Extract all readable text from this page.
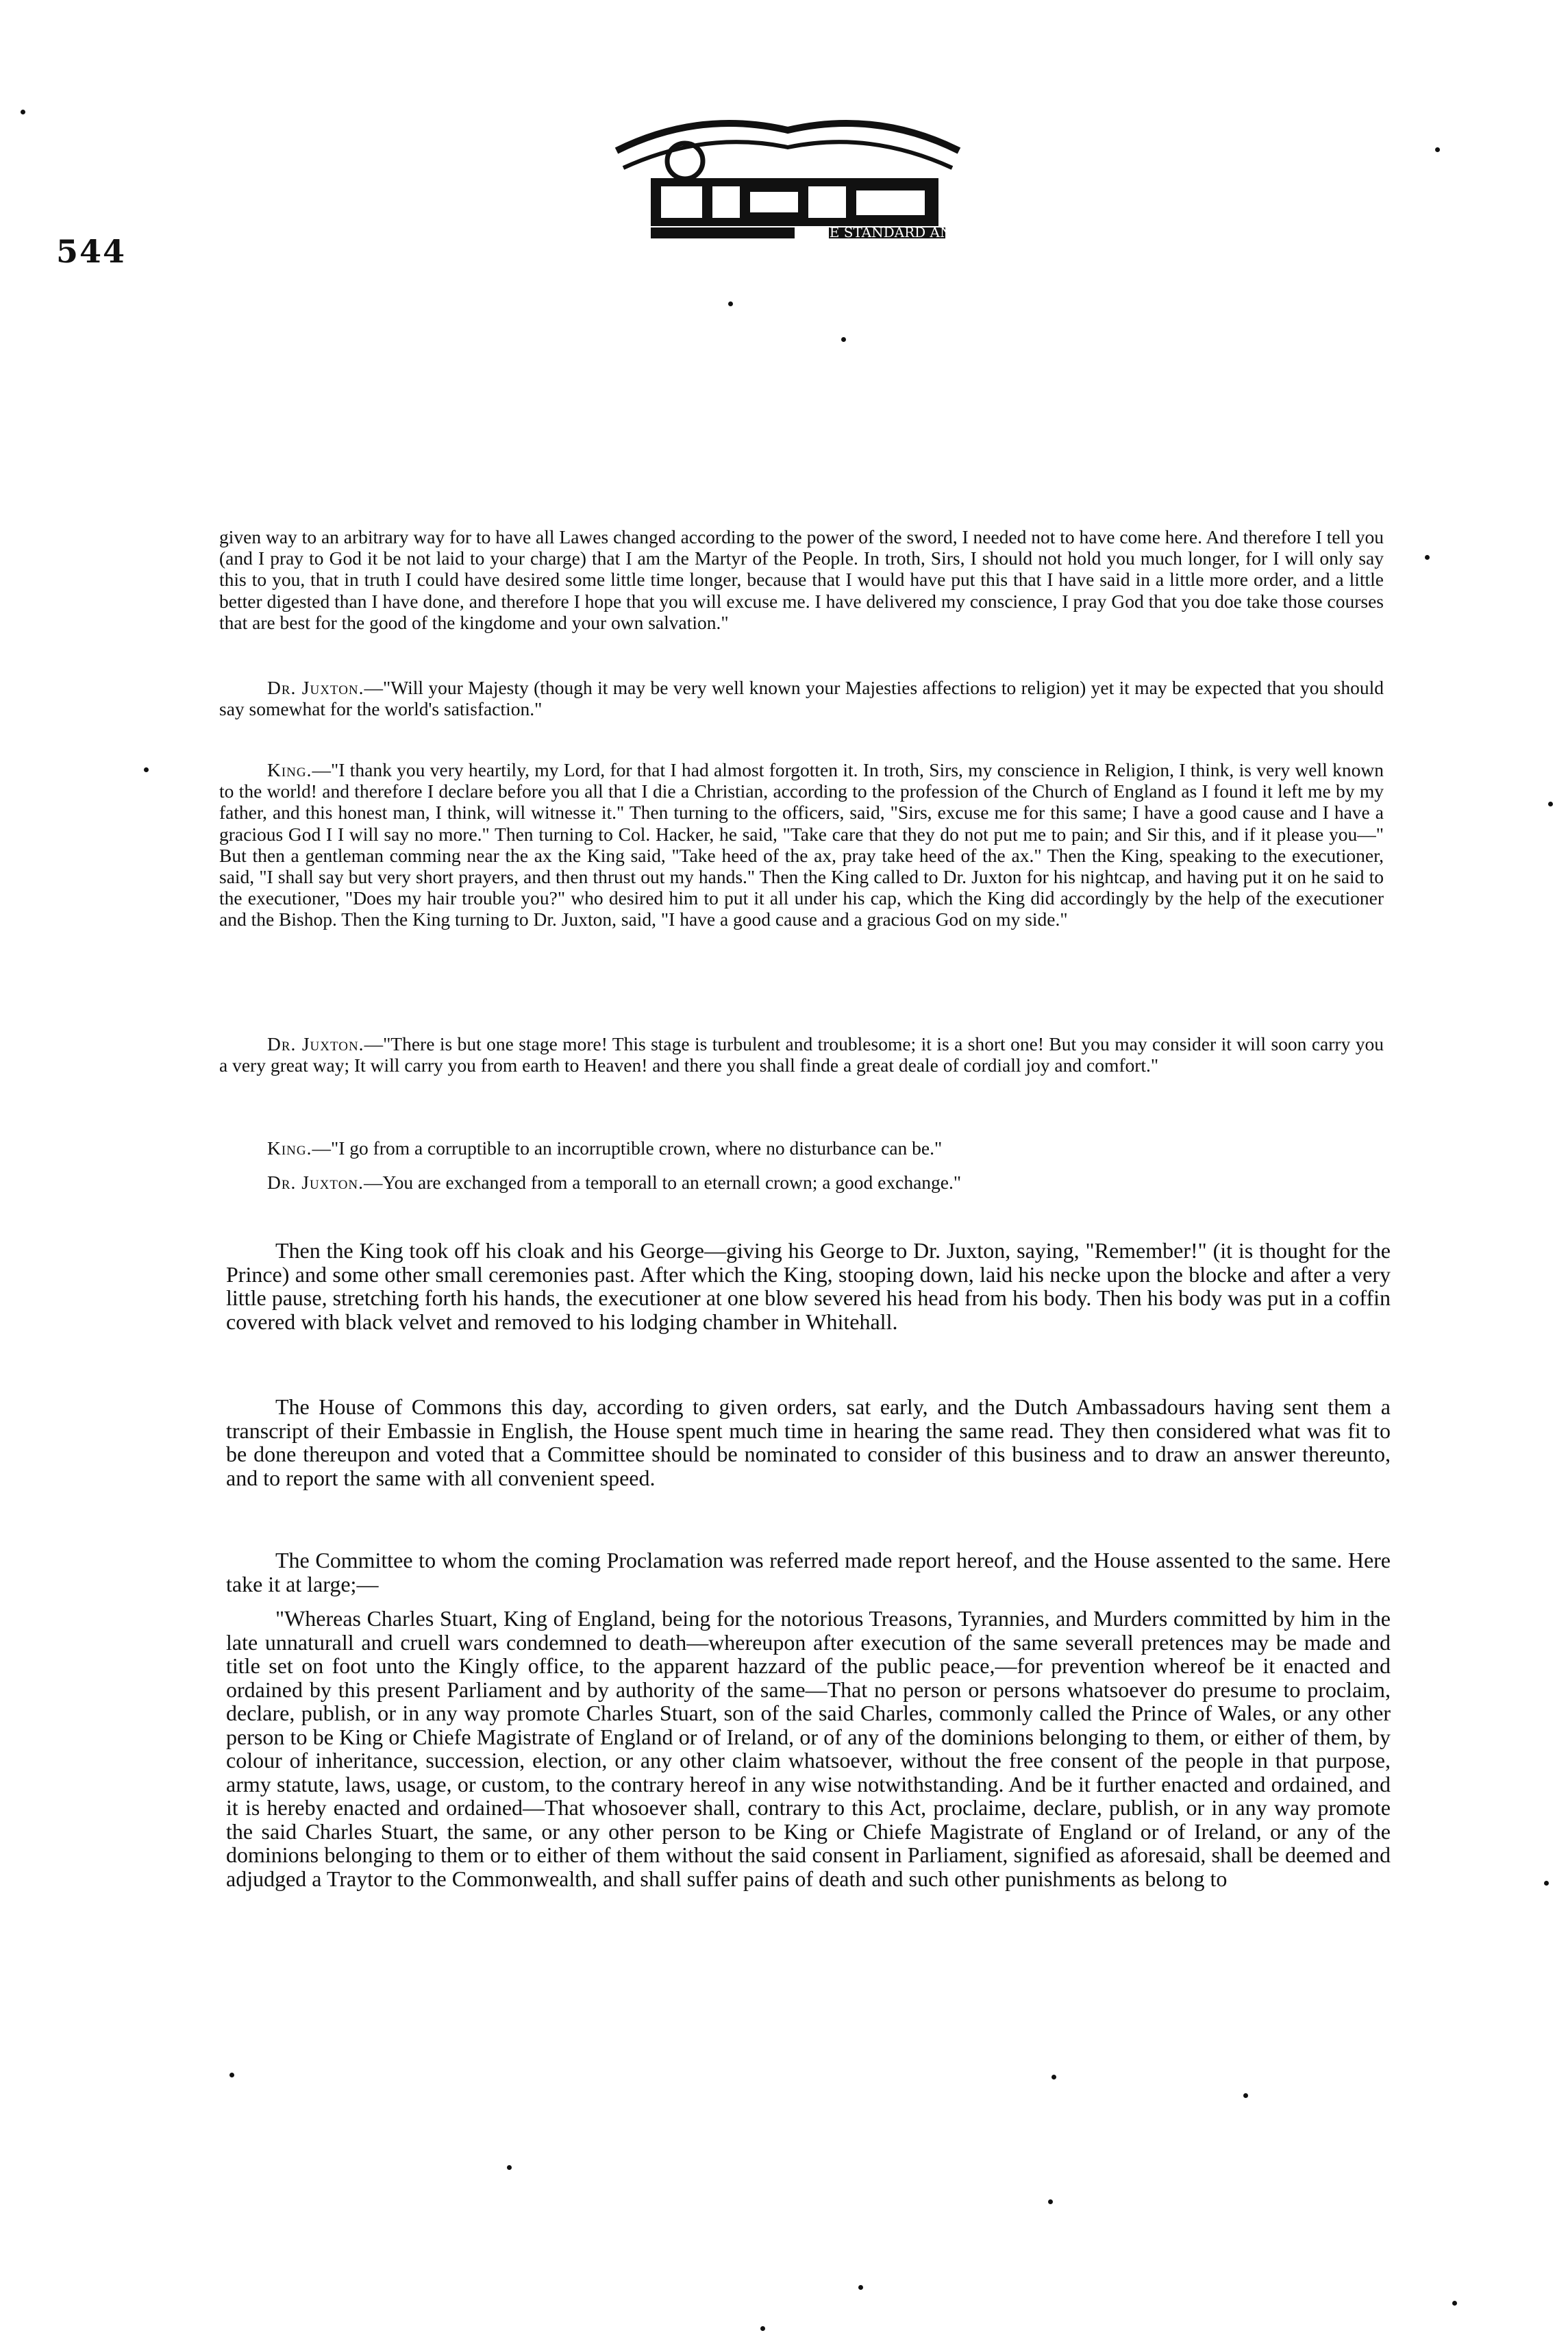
544
THE STANDARD AND JOURNAL

given way to an arbitrary way for to have all Lawes changed according to the power of the sword, I needed not to have come here. And therefore I tell you (and I pray to God it be not laid to your charge) that I am the Martyr of the People. In troth, Sirs, I should not hold you much longer, for I will only say this to you, that in truth I could have desired some little time longer, because that I would have put this that I have said in a little more order, and a little better digested than I have done, and therefore I hope that you will excuse me. I have delivered my conscience, I pray God that you doe take those courses that are best for the good of the kingdome and your own salvation."

Dr. Juxton.—"Will your Majesty (though it may be very well known your Majesties affections to religion) yet it may be expected that you should say somewhat for the world's satisfaction."

King.—"I thank you very heartily, my Lord, for that I had almost forgotten it. In troth, Sirs, my conscience in Religion, I think, is very well known to the world! and therefore I declare before you all that I die a Christian, according to the profession of the Church of England as I found it left me by my father, and this honest man, I think, will witnesse it." Then turning to the officers, said, "Sirs, excuse me for this same; I have a good cause and I have a gracious God I I will say no more." Then turning to Col. Hacker, he said, "Take care that they do not put me to pain; and Sir this, and if it please you—" But then a gentleman comming near the ax the King said, "Take heed of the ax, pray take heed of the ax." Then the King, speaking to the executioner, said, "I shall say but very short prayers, and then thrust out my hands." Then the King called to Dr. Juxton for his nightcap, and having put it on he said to the executioner, "Does my hair trouble you?" who desired him to put it all under his cap, which the King did accordingly by the help of the executioner and the Bishop. Then the King turning to Dr. Juxton, said, "I have a good cause and a gracious God on my side."

Dr. Juxton.—"There is but one stage more! This stage is turbulent and troublesome; it is a short one! But you may consider it will soon carry you a very great way; It will carry you from earth to Heaven! and there you shall finde a great deale of cordiall joy and comfort."

King.—"I go from a corruptible to an incorruptible crown, where no disturbance can be."

Dr. Juxton.—You are exchanged from a temporall to an eternall crown; a good exchange."

Then the King took off his cloak and his George—giving his George to Dr. Juxton, saying, "Remember!" (it is thought for the Prince) and some other small ceremonies past. After which the King, stooping down, laid his necke upon the blocke and after a very little pause, stretching forth his hands, the executioner at one blow severed his head from his body. Then his body was put in a coffin covered with black velvet and removed to his lodging chamber in Whitehall.

The House of Commons this day, according to given orders, sat early, and the Dutch Ambassadours having sent them a transcript of their Embassie in English, the House spent much time in hearing the same read. They then considered what was fit to be done thereupon and voted that a Committee should be nominated to consider of this business and to draw an answer thereunto, and to report the same with all convenient speed.

The Committee to whom the coming Proclamation was referred made report hereof, and the House assented to the same. Here take it at large;—

"Whereas Charles Stuart, King of England, being for the notorious Treasons, Tyrannies, and Murders committed by him in the late unnaturall and cruell wars condemned to death—whereupon after execution of the same severall pretences may be made and title set on foot unto the Kingly office, to the apparent hazzard of the public peace,—for prevention whereof be it enacted and ordained by this present Parliament and by authority of the same—That no person or persons whatsoever do presume to proclaim, declare, publish, or in any way promote Charles Stuart, son of the said Charles, commonly called the Prince of Wales, or any other person to be King or Chiefe Magistrate of England or of Ireland, or of any of the dominions belonging to them, or either of them, by colour of inheritance, succession, election, or any other claim whatsoever, without the free consent of the people in that purpose, army statute, laws, usage, or custom, to the contrary hereof in any wise notwithstanding. And be it further enacted and ordained, and it is hereby enacted and ordained—That whosoever shall, contrary to this Act, proclaime, declare, publish, or in any way promote the said Charles Stuart, the same, or any other person to be King or Chiefe Magistrate of England or of Ireland, or any of the dominions belonging to them or to either of them without the said consent in Parliament, signified as aforesaid, shall be deemed and adjudged a Traytor to the Commonwealth, and shall suffer pains of death and such other punishments as belong to
